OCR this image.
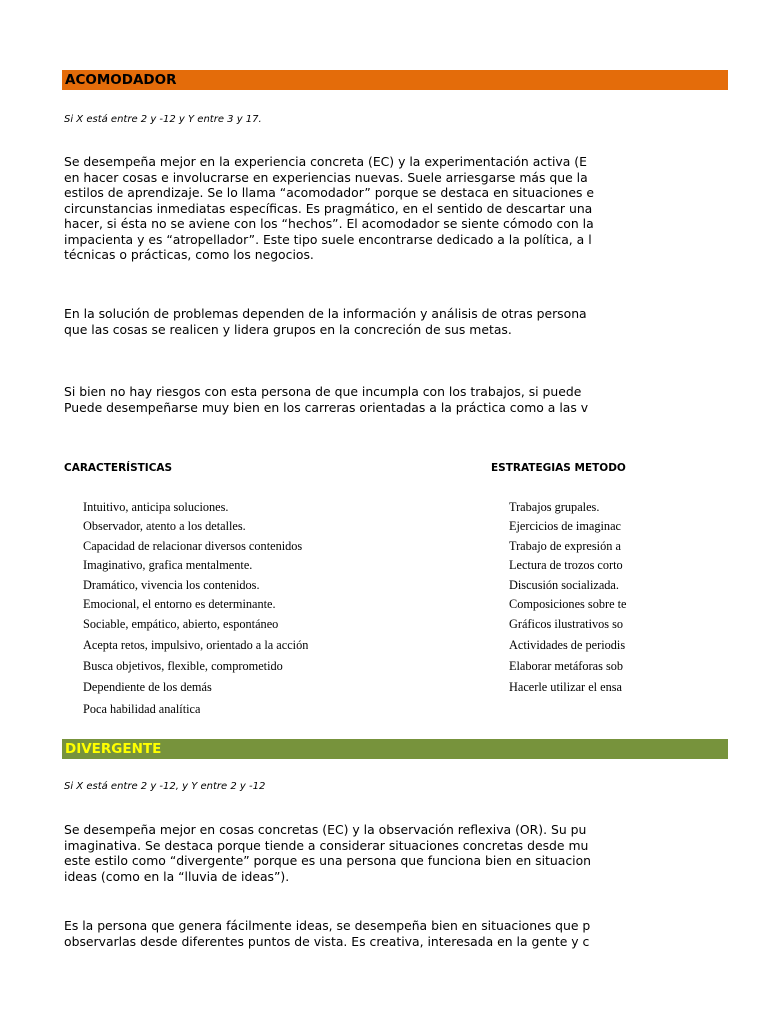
ACOMODADOR
Si X está entre 2 y -12 y Y entre 3 y 17.
Se desempeña mejor en la experiencia concreta (EC) y la experimentación activa (E
en hacer cosas e involucrarse en experiencias nuevas. Suele arriesgarse más que la
estilos de aprendizaje. Se lo llama “acomodador” porque se destaca en situaciones e
circunstancias inmediatas específicas. Es pragmático, en el sentido de descartar una
hacer, si ésta no se aviene con los “hechos”. El acomodador se siente cómodo con la
impacienta y es “atropellador”. Este tipo suele encontrarse dedicado a la política, a l
técnicas o prácticas, como los negocios.
En la solución de problemas dependen de la información y análisis de otras persona
que las cosas se realicen y lidera grupos en la concreción de sus metas.
Si bien no hay riesgos con esta persona de que incumpla con los trabajos, si puede
Puede desempeñarse muy bien en los carreras orientadas a la práctica como a las v
CARACTERÍSTICAS	ESTRATEGIAS METODO
Intuitivo, anticipa soluciones.
Observador, atento a los detalles.
Capacidad de relacionar diversos contenidos
Imaginativo, grafica mentalmente.
Dramático, vivencia los contenidos.
Emocional, el entorno es determinante.
Sociable, empático, abierto, espontáneo
Acepta retos, impulsivo, orientado a la acción
Busca objetivos, flexible, comprometido
Dependiente de los demás
Poca habilidad analítica
Trabajos grupales.
Ejercicios de imaginac
Trabajo de expresión a
Lectura de trozos corto
Discusión socializada.
Composiciones sobre te
Gráficos ilustrativos so
Actividades de periodis
Elaborar metáforas sob
Hacerle utilizar el ensa
DIVERGENTE
Si X está entre 2 y -12, y Y entre 2 y -12
Se desempeña mejor en cosas concretas (EC) y la observación reflexiva (OR). Su pu
imaginativa. Se destaca porque tiende a considerar situaciones concretas desde mu
este estilo como “divergente” porque es una persona que funciona bien en situacion
ideas (como en la “lluvia de ideas”).
Es la persona que genera fácilmente ideas, se desempeña bien en situaciones que p
observarlas desde diferentes puntos de vista. Es creativa, interesada en la gente y c
